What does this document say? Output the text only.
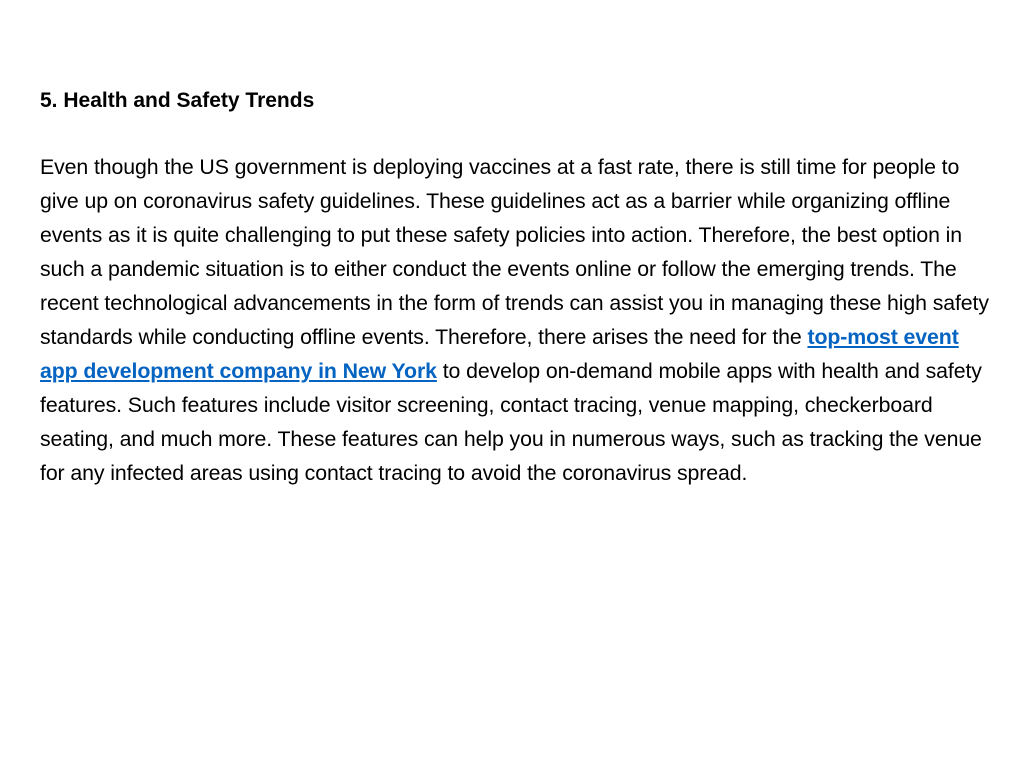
5. Health and Safety Trends

Even though the US government is deploying vaccines at a fast rate, there is still time for people to give up on coronavirus safety guidelines. These guidelines act as a barrier while organizing offline events as it is quite challenging to put these safety policies into action. Therefore, the best option in such a pandemic situation is to either conduct the events online or follow the emerging trends. The recent technological advancements in the form of trends can assist you in managing these high safety standards while conducting offline events. Therefore, there arises the need for the top-most event app development company in New York to develop on-demand mobile apps with health and safety features. Such features include visitor screening, contact tracing, venue mapping, checkerboard seating, and much more. These features can help you in numerous ways, such as tracking the venue for any infected areas using contact tracing to avoid the coronavirus spread.
